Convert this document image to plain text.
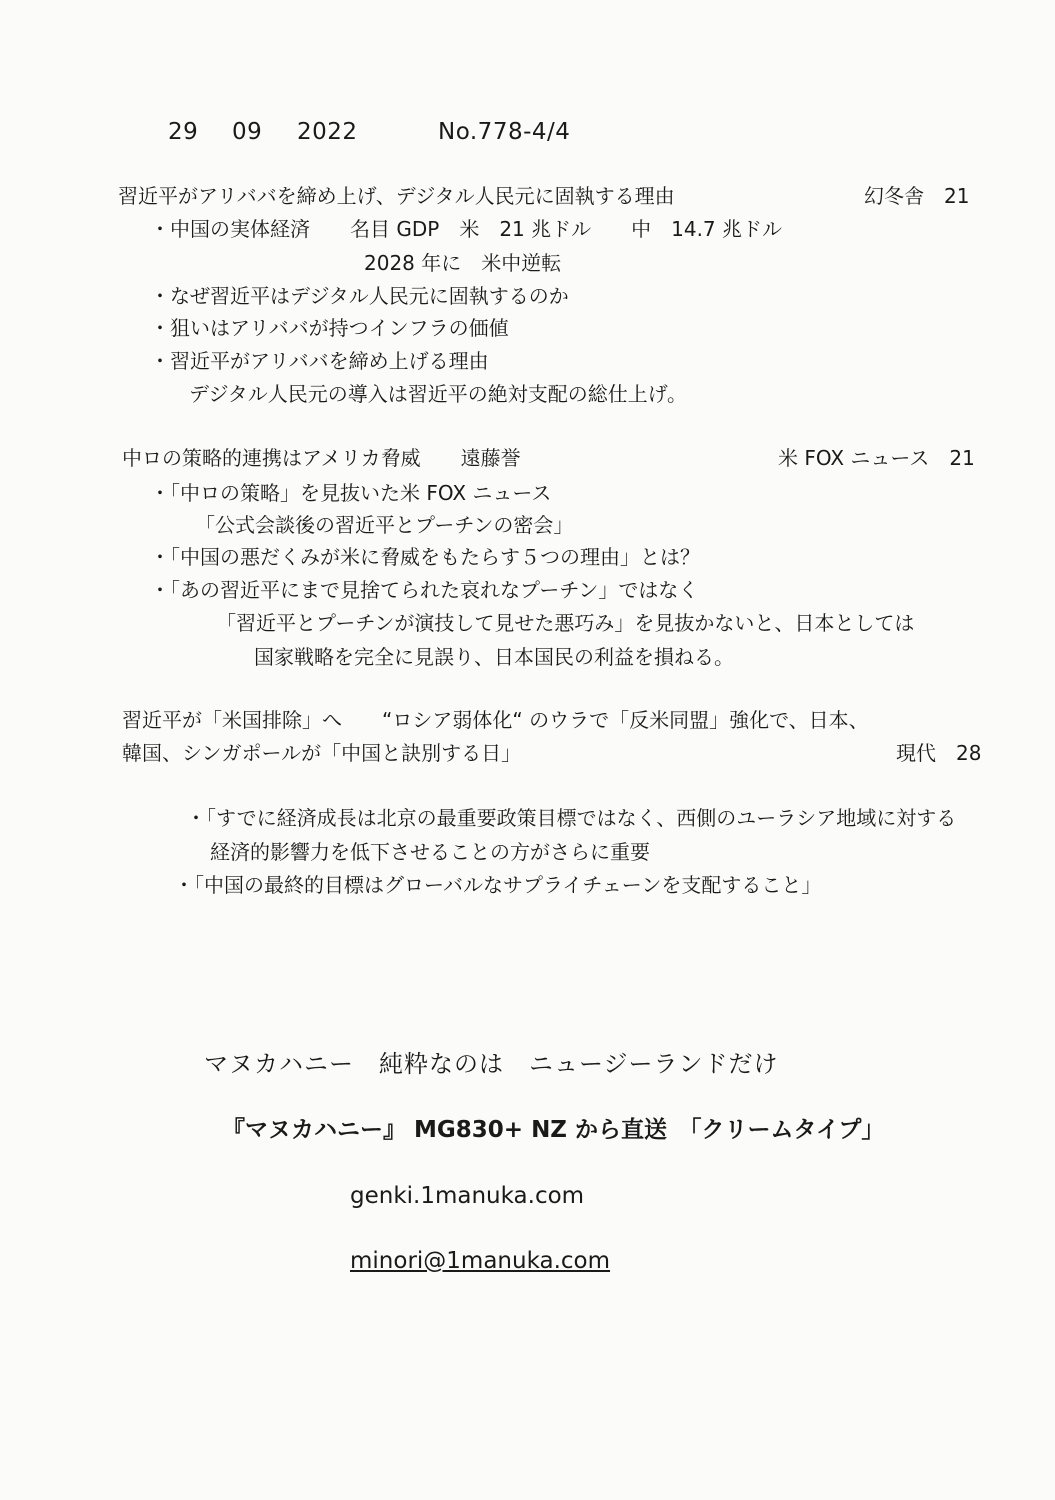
29 09 2022	No.778-4/4
習近平がアリババを締め上げ、デジタル人民元に固執する理由	幻冬舎　21
・中国の実体経済　　名目 GDP　米　21 兆ドル　　中　14.7 兆ドル
2028 年に　米中逆転
・なぜ習近平はデジタル人民元に固執するのか
・狙いはアリババが持つインフラの価値
・習近平がアリババを締め上げる理由
デジタル人民元の導入は習近平の絶対支配の総仕上げ。
中ロの策略的連携はアメリカ脅威　　遠藤誉	米 FOX ニュース　21
・「中ロの策略」を見抜いた米 FOX ニュース
「公式会談後の習近平とプーチンの密会」
・「中国の悪だくみが米に脅威をもたらす５つの理由」とは？
・「あの習近平にまで見捨てられた哀れなプーチン」ではなく
「習近平とプーチンが演技して見せた悪巧み」を見抜かないと、日本としては
国家戦略を完全に見誤り、日本国民の利益を損ねる。
習近平が「米国排除」へ　　“ロシア弱体化“ のウラで「反米同盟」強化で、日本、
韓国、シンガポールが「中国と訣別する日」	現代　28
・「すでに経済成長は北京の最重要政策目標ではなく、西側のユーラシア地域に対する
経済的影響力を低下させることの方がさらに重要
・「中国の最終的目標はグローバルなサプライチェーンを支配すること」
マヌカハニー　純粋なのは　ニュージーランドだけ
『マヌカハニー』 MG830+ NZ から直送　「クリームタイプ」
genki.1manuka.com
minori@1manuka.com
